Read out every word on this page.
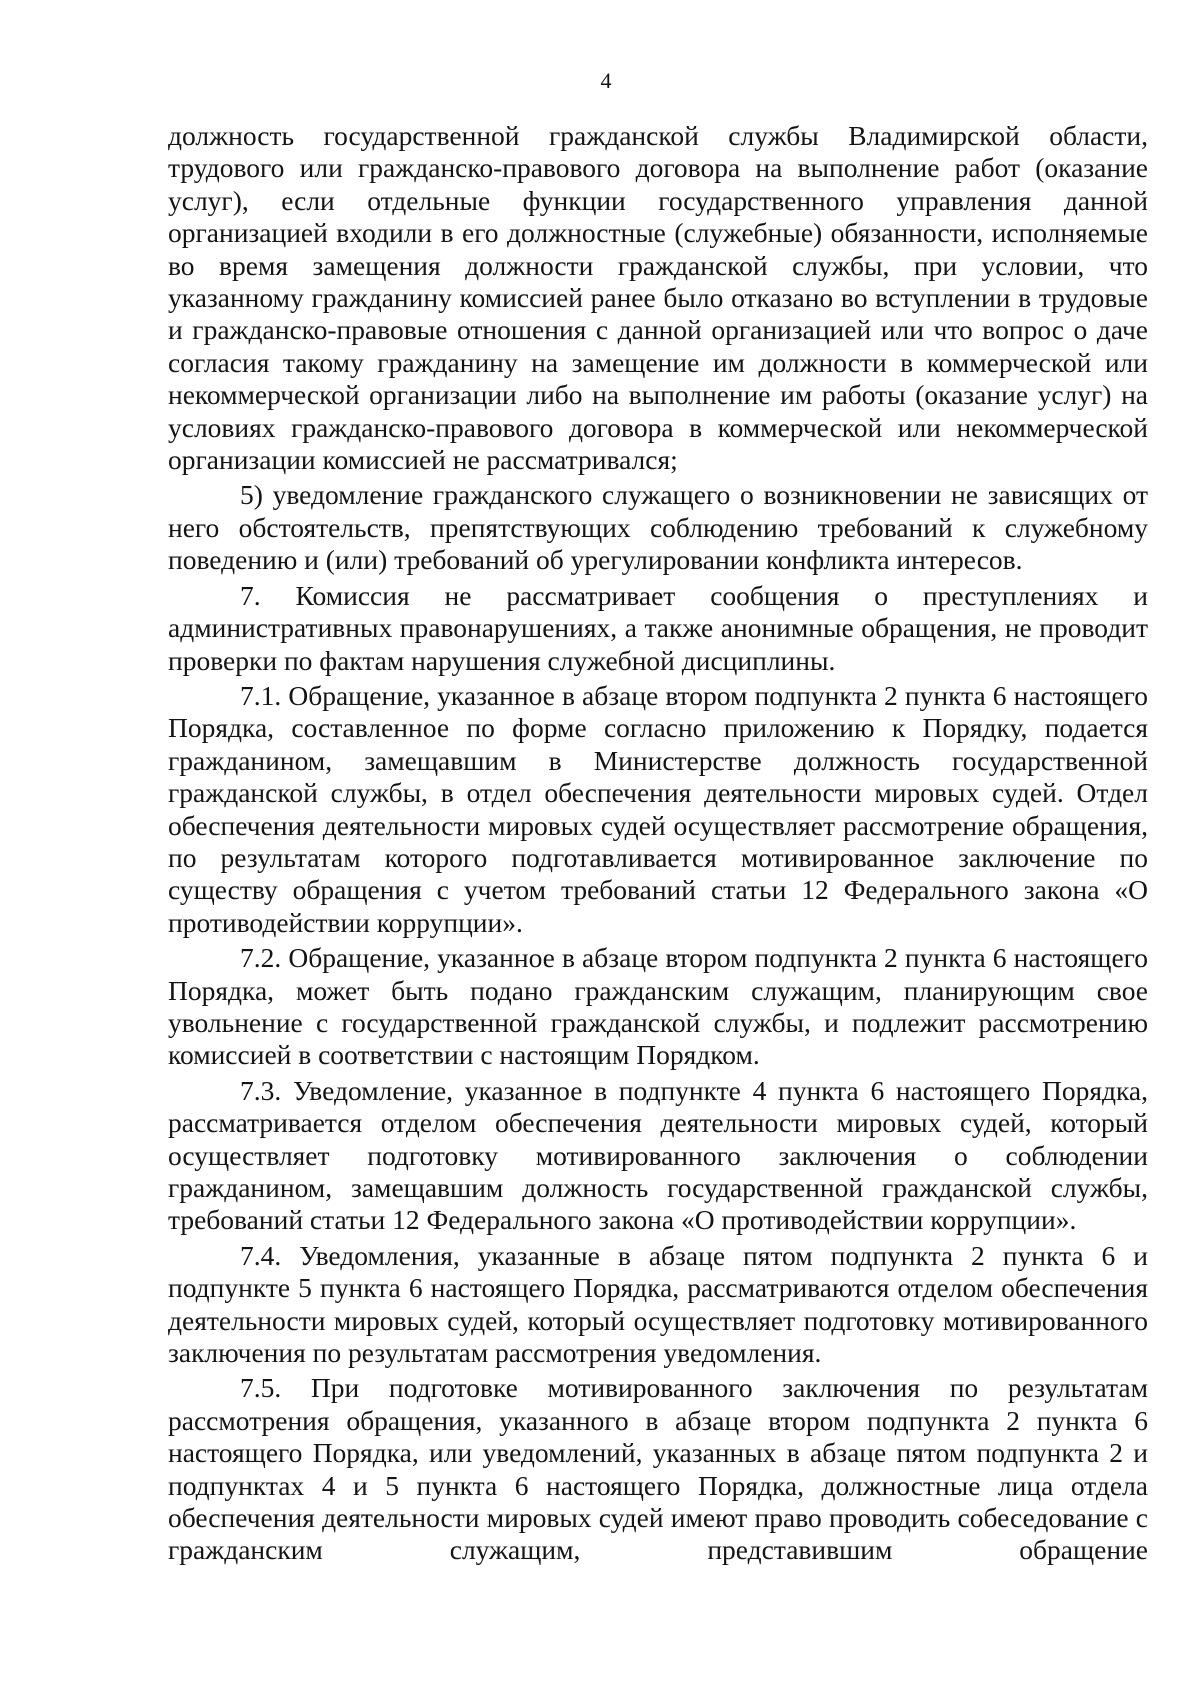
4

должность государственной гражданской службы Владимирской области, трудового или гражданско-правового договора на выполнение работ (оказание услуг), если отдельные функции государственного управления данной организацией входили в его должностные (служебные) обязанности, исполняемые во время замещения должности гражданской службы, при условии, что указанному гражданину комиссией ранее было отказано во вступлении в трудовые и гражданско-правовые отношения с данной организацией или что вопрос о даче согласия такому гражданину на замещение им должности в коммерческой или некоммерческой организации либо на выполнение им работы (оказание услуг) на условиях гражданско-правового договора в коммерческой или некоммерческой организации комиссией не рассматривался;

5) уведомление гражданского служащего о возникновении не зависящих от него обстоятельств, препятствующих соблюдению требований к служебному поведению и (или) требований об урегулировании конфликта интересов.

7. Комиссия не рассматривает сообщения о преступлениях и административных правонарушениях, а также анонимные обращения, не проводит проверки по фактам нарушения служебной дисциплины.

7.1. Обращение, указанное в абзаце втором подпункта 2 пункта 6 настоящего Порядка, составленное по форме согласно приложению к Порядку, подается гражданином, замещавшим в Министерстве должность государственной гражданской службы, в отдел обеспечения деятельности мировых судей. Отдел обеспечения деятельности мировых судей осуществляет рассмотрение обращения, по результатам которого подготавливается мотивированное заключение по существу обращения с учетом требований статьи 12 Федерального закона «О противодействии коррупции».

7.2. Обращение, указанное в абзаце втором подпункта 2 пункта 6 настоящего Порядка, может быть подано гражданским служащим, планирующим свое увольнение с государственной гражданской службы, и подлежит рассмотрению комиссией в соответствии с настоящим Порядком.

7.3. Уведомление, указанное в подпункте 4 пункта 6 настоящего Порядка, рассматривается отделом обеспечения деятельности мировых судей, который осуществляет подготовку мотивированного заключения о соблюдении гражданином, замещавшим должность государственной гражданской службы, требований статьи 12 Федерального закона «О противодействии коррупции».

7.4. Уведомления, указанные в абзаце пятом подпункта 2 пункта 6 и подпункте 5 пункта 6 настоящего Порядка, рассматриваются отделом обеспечения деятельности мировых судей, который осуществляет подготовку мотивированного заключения по результатам рассмотрения уведомления.

7.5. При подготовке мотивированного заключения по результатам рассмотрения обращения, указанного в абзаце втором подпункта 2 пункта 6 настоящего Порядка, или уведомлений, указанных в абзаце пятом подпункта 2 и подпунктах 4 и 5 пункта 6 настоящего Порядка, должностные лица отдела обеспечения деятельности мировых судей имеют право проводить собеседование с гражданским служащим, представившим обращение
